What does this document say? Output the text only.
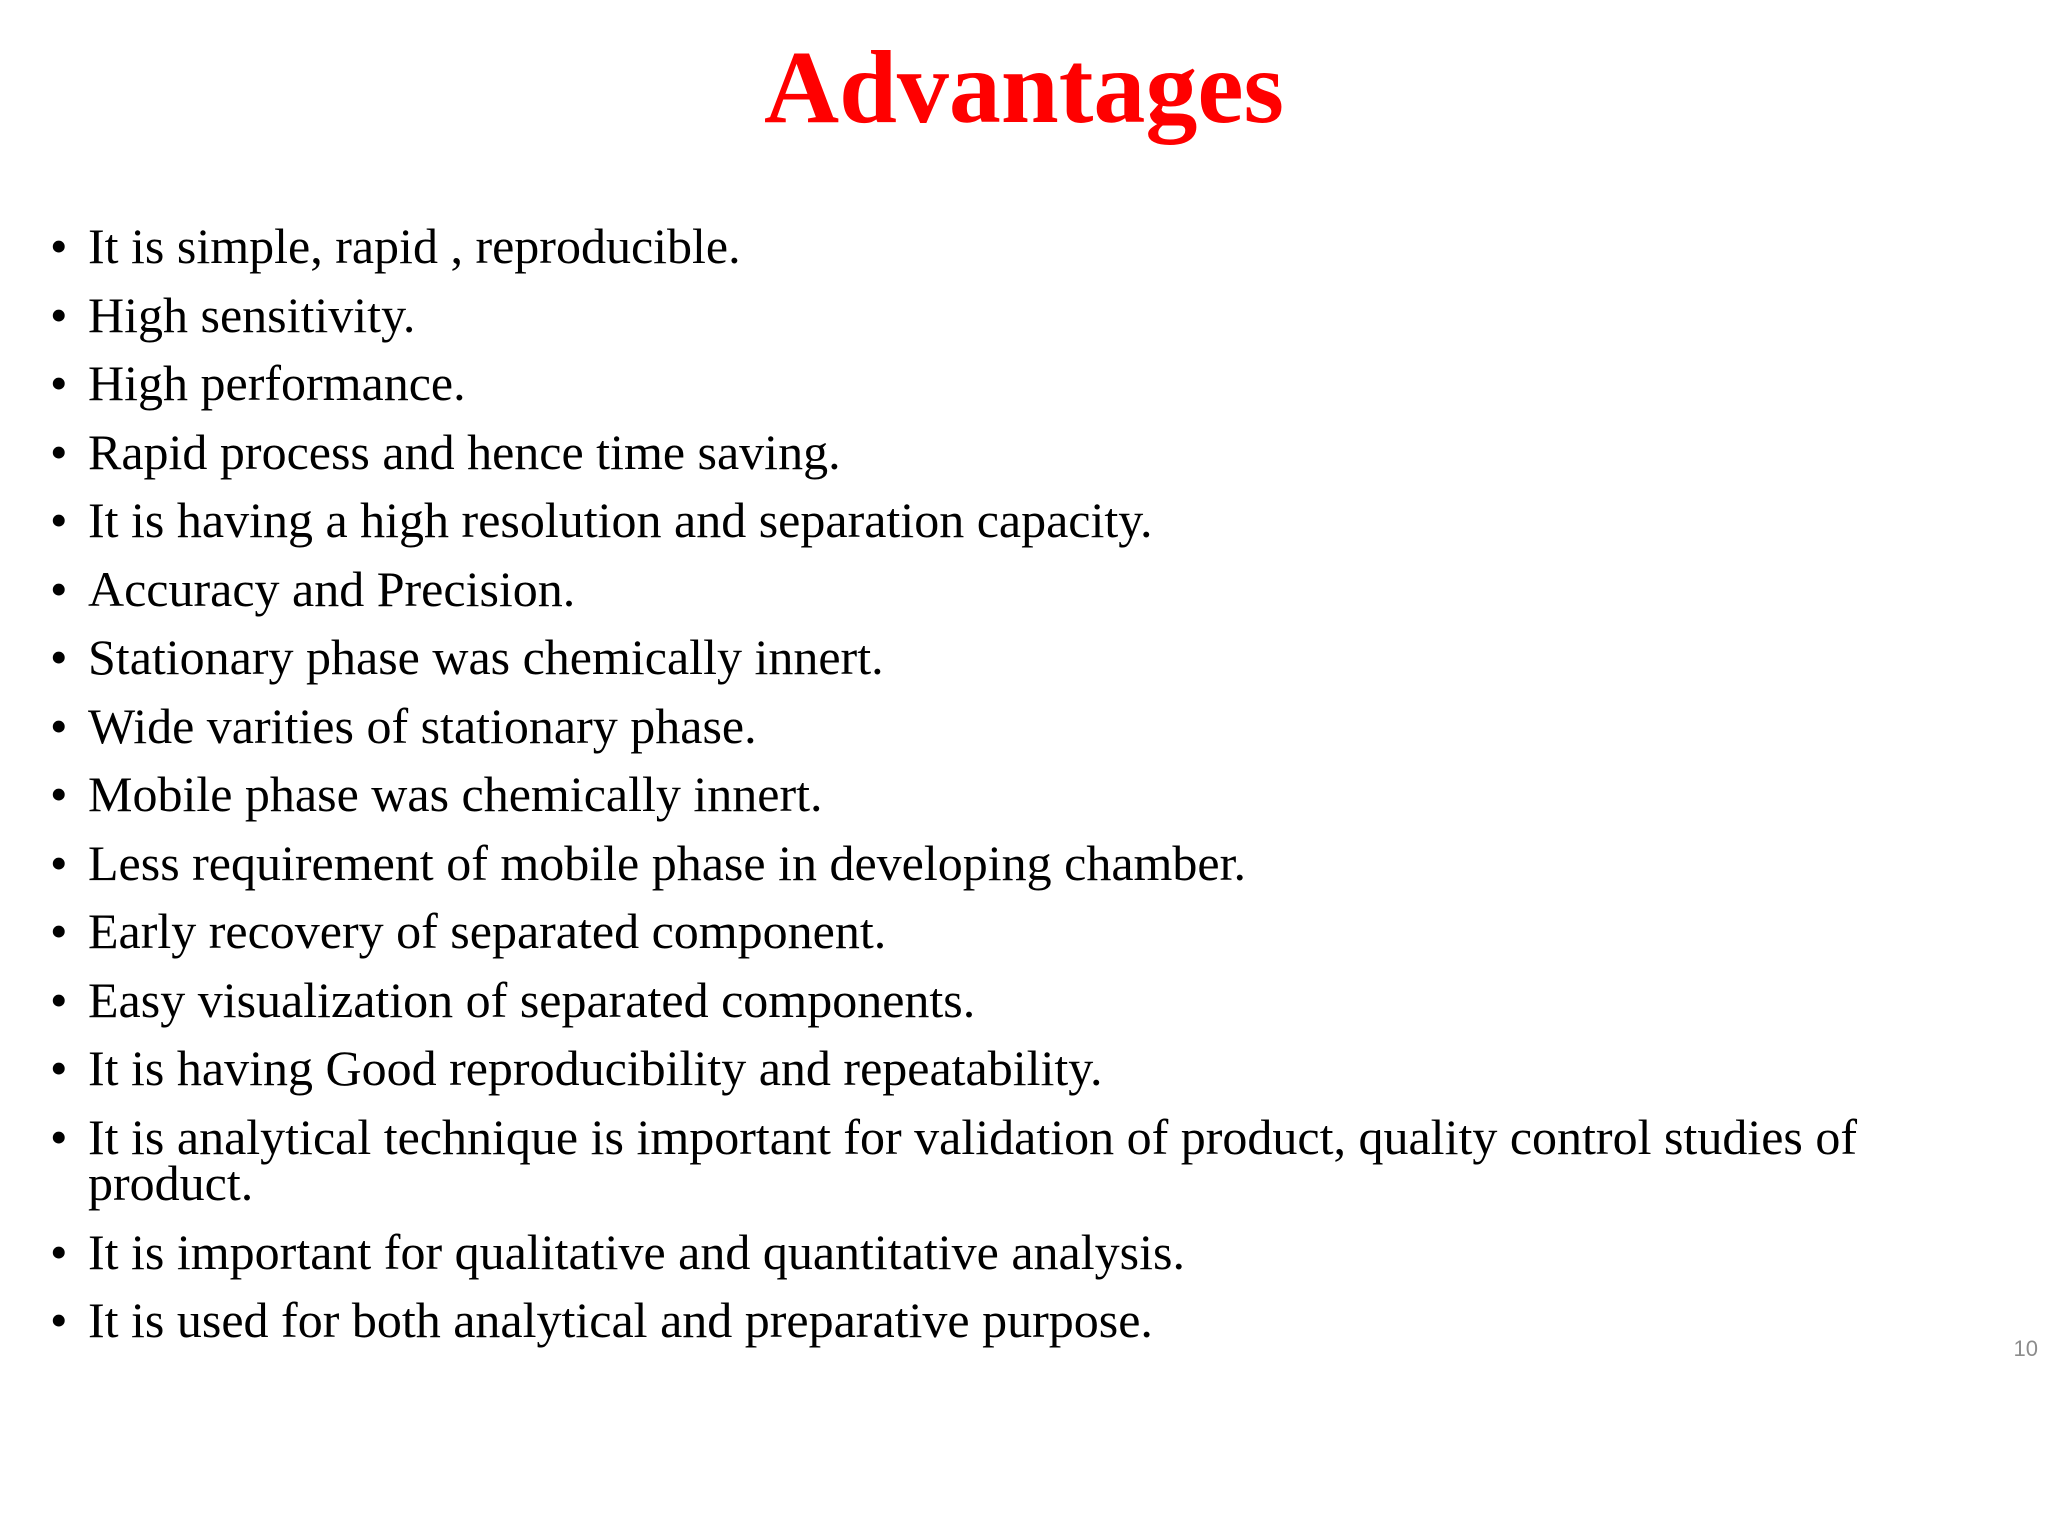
Advantages
• It is simple, rapid , reproducible.
• High sensitivity.
• High performance.
• Rapid process and hence time saving.
• It is having a high resolution and separation capacity.
• Accuracy and Precision.
• Stationary phase was chemically innert.
• Wide varities of stationary phase.
• Mobile phase was chemically innert.
• Less requirement of mobile phase in developing chamber.
• Early recovery of separated component.
• Easy visualization of separated components.
• It is having Good reproducibility and repeatability.
• It is analytical technique is important for validation of product, quality control studies of product.
• It is important for qualitative and quantitative analysis.
• It is used for both analytical and preparative purpose.
10
